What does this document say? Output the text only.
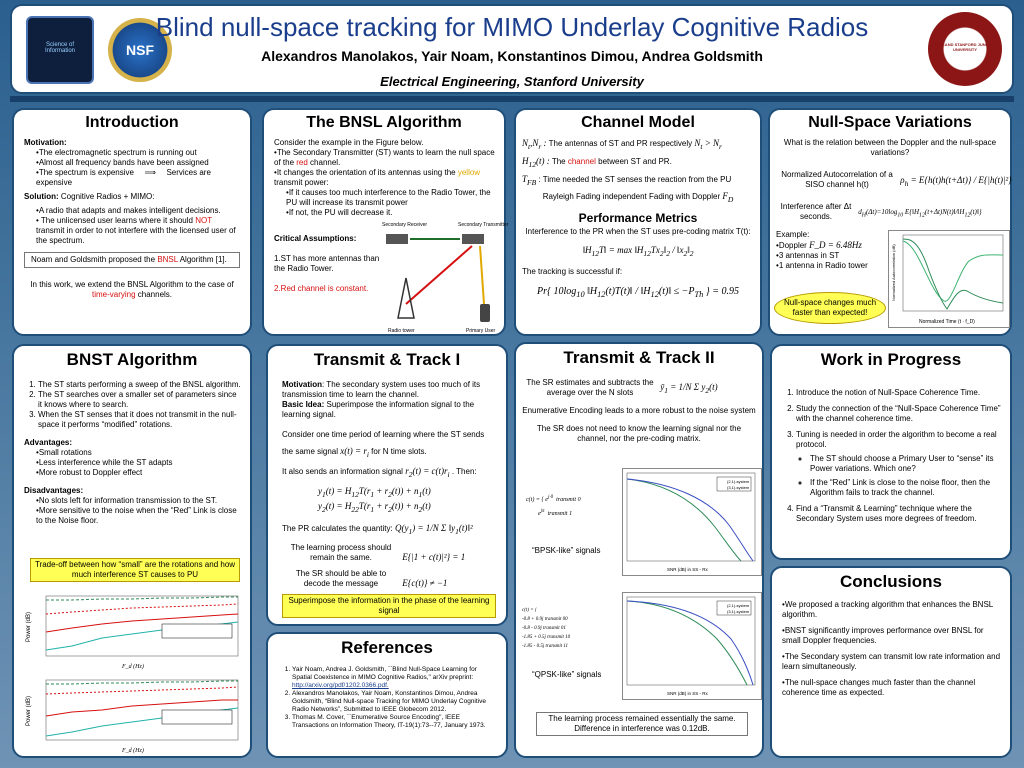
Science of Information	NSF
Blind null-space tracking for MIMO Underlay Cognitive Radios
Alexandros Manolakos, Yair Noam, Konstantinos Dimou, Andrea Goldsmith
Electrical Engineering, Stanford University
LELAND STANFORD JUNIOR UNIVERSITY
Introduction

Motivation:

•The electromagnetic spectrum is running out
•Almost all frequency bands have been assigned
•The spectrum is expensive ⟹ Services are expensive

Solution: Cognitive Radios + MIMO:

•A radio that adapts and makes intelligent decisions.
• The unlicensed user learns where it should NOT transmit in order to not interfere with the licensed user of the spectrum.

Noam and Goldsmith proposed the BNSL Algorithm [1].

In this work, we extend the BNSL Algorithm to the case of time-varying channels.

The BNSL Algorithm

Consider the example in the Figure below.

•The Secondary Transmitter (ST) wants to learn the null space of the red channel.

•It changes the orientation of its antennas using the yellow transmit power:

•If it causes too much interference to the Radio Tower, the PU will increase its transmit power

•If not, the PU will decrease it.

Critical Assumptions:

1.ST has more antennas than the Radio Tower.

2.Red channel is constant.

Secondary Receiver	Secondary Transmitter
Radio tower	Primary User
Channel Model

$N_t,N_r$ : The antennas of ST and PR respectively $N_t > N_r$

$H_{12}(t)$ : The channel between ST and PR.

$T_{FB}$ : Time needed the ST senses the reaction from the PU

Rayleigh Fading independent Fading with Doppler $F_D$

Performance Metrics

Interference to the PR when the ST uses pre-coding matrix T(t):

$‖H_{12}T‖ = \max$ $‖H_{12}Tx_2‖_2$ / $‖x_2‖_2$

The tracking is successful if:

Pr{ $10\log_{10}$ $‖H_{12}(t)T(t)‖$ / $‖H_{12}(t)‖ \le -P_{Th}$ } = 0.95

Null-Space Variations

What is the relation between the Doppler and the null-space variations?

Normalized Autocorrelation of a SISO channel h(t)	$\rho_h = E\{h(t)h(t+\Delta t)\} / E\{|h(t)|^2\}$

Interference after Δt seconds.	$d_H(\Delta t)=10\log_{10}$ $E\{‖H_{12}(t+\Delta t)N(t)‖/‖H_{12}(t)‖\}$

Example:

•Doppler F_D = 6.48Hz

•3 antennas in ST

•1 antenna in Radio tower

Null-space changes much faster than expected!
Normalized Time (t · f_D)
Normalized Autocorrelation (dB)
BNST Algorithm
1. The ST starts performing a sweep of the BNSL algorithm.
2. The ST searches over a smaller set of parameters since it knows where to search.
3. When the ST senses that it does not transmit in the null-space it performs “modified” rotations.

Advantages:

•Small rotations
•Less interference while the ST adapts
•More robust to Doppler effect

Disadvantages:

•No slots left for information transmission to the ST.
•More sensitive to the noise when the “Red” Link is close to the Noise floor.
Trade-off between how “small” are the rotations and how much interference ST causes to PU
F_d (Hz)
Power (dB)
F_d (Hz)
Power (dB)
Transmit & Track I

Motivation: The secondary system uses too much of its transmission time to learn the channel.

Basic Idea: Superimpose the information signal to the learning signal.

Consider one time period of learning where the ST sends

the same signal $x(t) = r_i$ for N time slots.

It also sends an information signal $r_2(t) = c(t)r_i$ . Then:

$y_1(t) = H_{12}T(r_1 + r_2(t)) + n_1(t)$

$y_2(t) = H_{22}T(r_1 + r_2(t)) + n_2(t)$

The PR calculates the quantity: $Q(y_1) = 1/N$ Σ $‖y_1(t)‖^2$

The learning process should remain the same.	E{|1 + c(t)|²} = 1

The SR should be able to decode the message	E{c(t)} ≠ −1

Superimpose the information in the phase of the learning signal
References
1. Yair Noam, Andrea J. Goldsmith, ``Blind Null-Space Learning for Spatial Coexistence in MIMO Cognitive Radios," arXiv preprint: http://arxiv.org/pdf/1202.0366.pdf.
2. Alexandros Manolakos, Yair Noam, Konstantinos Dimou, Andrea Goldsmith, “Blind Null-space Tracking for MIMO Underlay Cognitive Radio Networks”, Submitted to IEEE Globecom 2012.
3. Thomas M. Cover, ``Enumerative Source Encoding'', IEEE Transactions on Information Theory, IT-19(1):73--77, January 1973.
Transmit & Track II

The SR estimates and subtracts the average over the N slots $ȳ_1 = 1/N$ Σ $y_2(t)$

Enumerative Encoding leads to a more robust to the noise system

The SR does not need to know the learning signal nor the channel, nor the pre-coding matrix.

c(t) = { $e^{j\cdot 0}$ transmit 0
$e^{j\pi}$ transmit 1
“BPSK-like” signals
(2,1)-system
(3,1)-system
SNR (dB) in SS - Rx
c(t) = {
-0.8 + 0.9j transmit 00
-0.8 - 0.9j transmit 01
-1.85 + 0.5j transmit 10
-1.85 - 0.5j transmit 11
“QPSK-like” signals
(2,1)-system
(3,1)-system
SNR (dB) in SS - Rx
The learning process remained essentially the same. Difference in interference was 0.12dB.
Work in Progress
1. Introduce the notion of Null-Space Coherence Time.
2. Study the connection of the “Null-Space Coherence Time” with the channel coherence time.
3. Tuning is needed in order the algorithm to become a real protocol.
◦ The ST should choose a Primary User to “sense” its Power variations. Which one?
◦ If the “Red” Link is close to the noise floor, then the Algorithm fails to track the channel.
4. Find a “Transmit & Learning” technique where the Secondary System uses more degrees of freedom.
Conclusions

•We proposed a tracking algorithm that enhances the BNSL algorithm.

•BNST significantly improves performance over BNSL for small Doppler frequencies.

•The Secondary system can transmit low rate information and learn simultaneously.

•The null-space changes much faster than the channel coherence time as expected.
